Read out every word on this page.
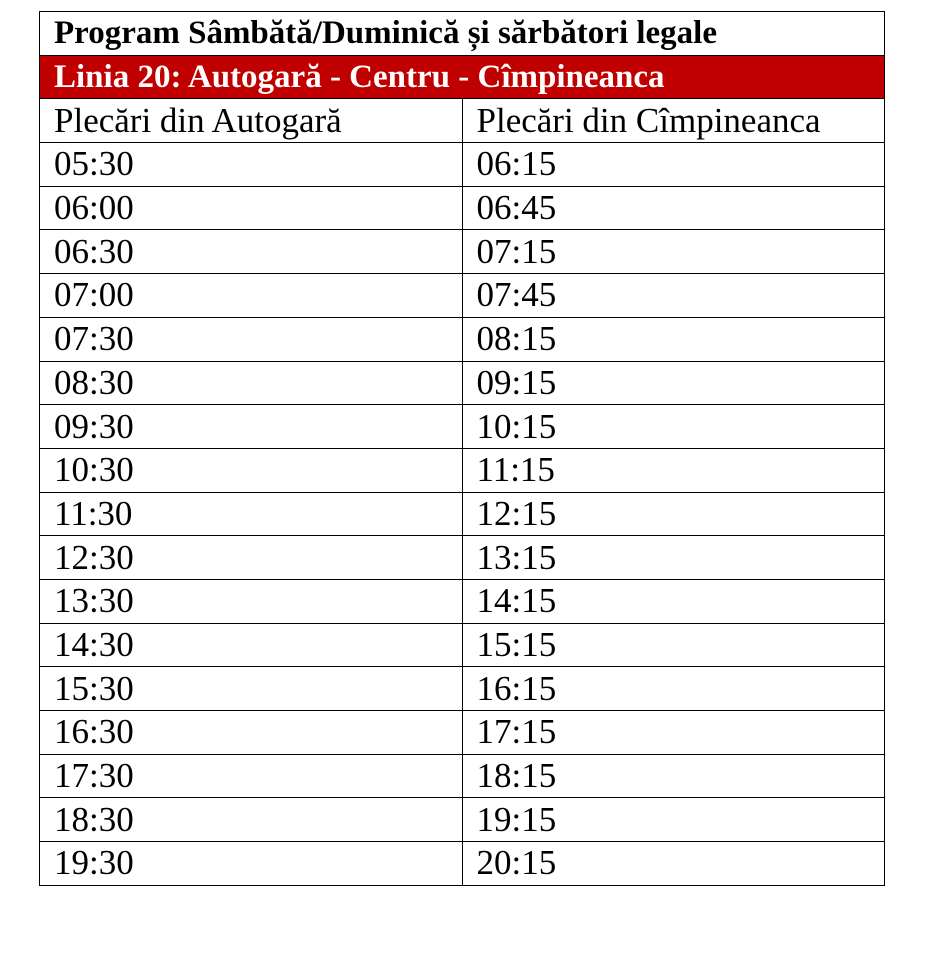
Program Sâmbătă/Duminică și sărbători legale	
Linia 20: Autogară - Centru - Cîmpineanca	
Plecări din Autogară	Plecări din Cîmpineanca
05:30	06:15
06:00	06:45
06:30	07:15
07:00	07:45
07:30	08:15
08:30	09:15
09:30	10:15
10:30	11:15
11:30	12:15
12:30	13:15
13:30	14:15
14:30	15:15
15:30	16:15
16:30	17:15
17:30	18:15
18:30	19:15
19:30	20:15
